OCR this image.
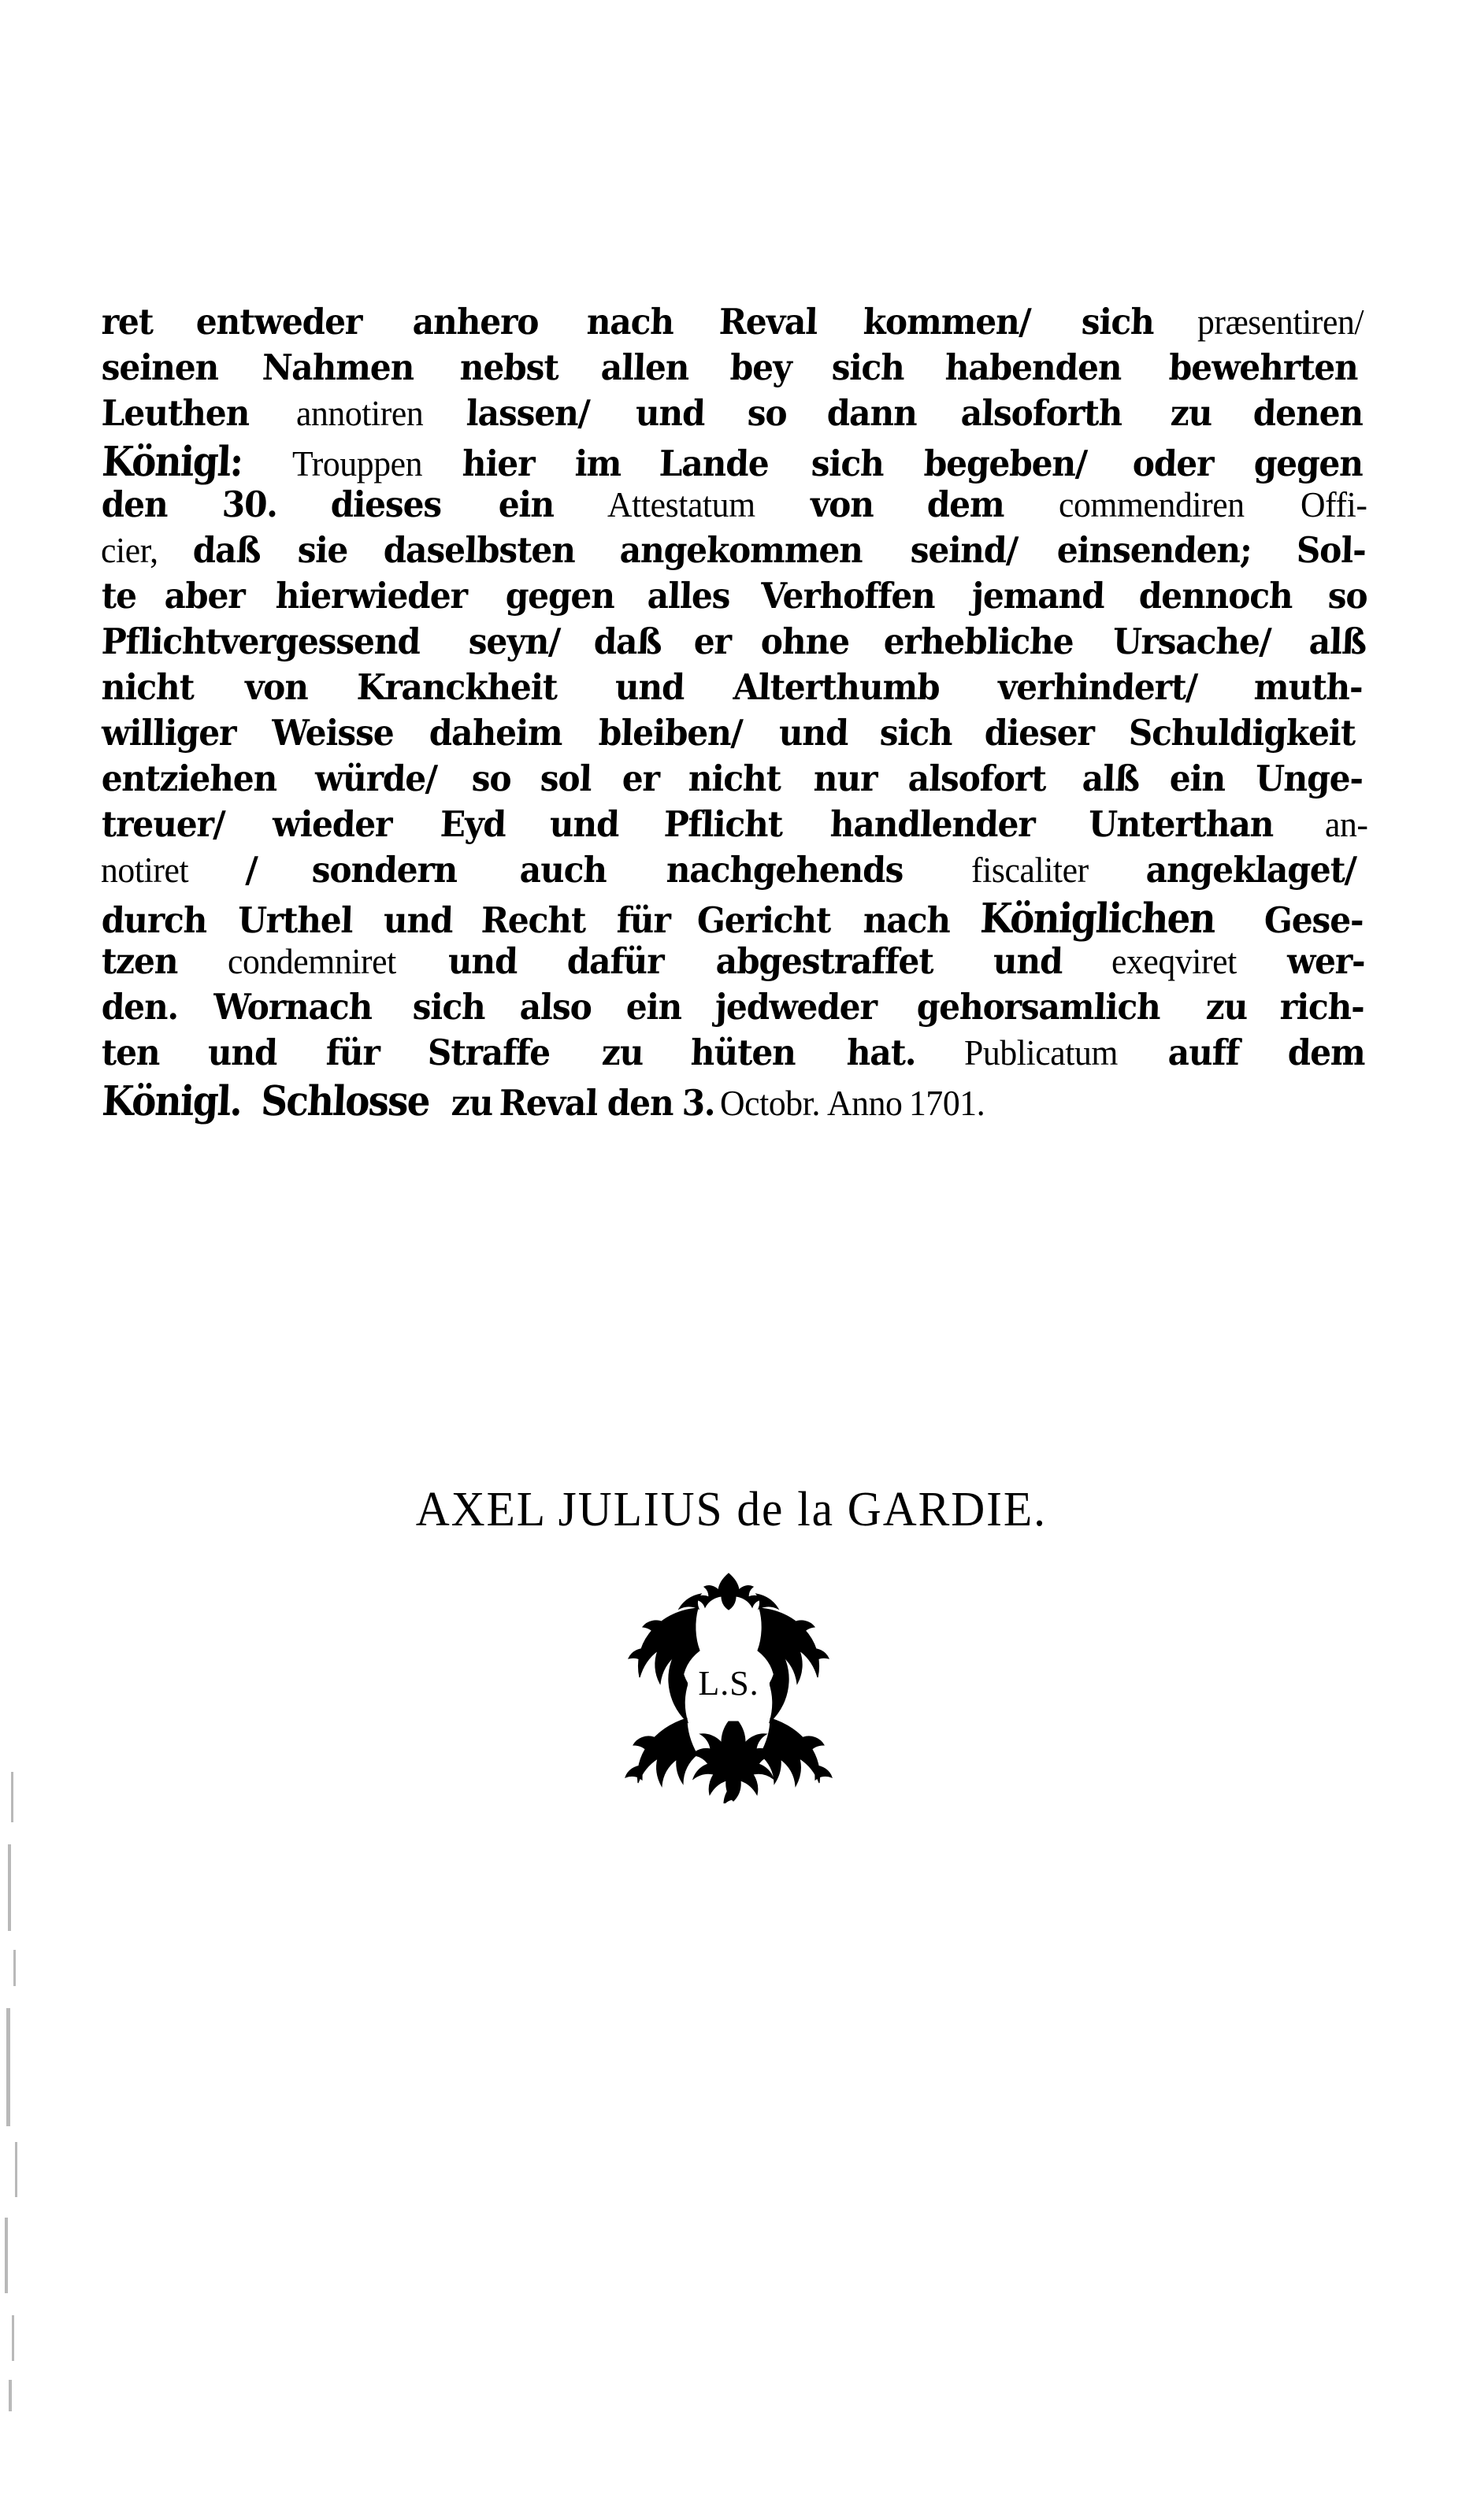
ret entweder anhero nach Reval kommen/ sich præsentiren/
seinen Nahmen nebst allen bey sich habenden bewehrten
Leuthen annotiren lassen/ und so dann alsoforth zu denen
Königl: Trouppen hier im Lande sich begeben/ oder gegen
den 30. dieses ein Attestatum von dem commendiren Offi-
cier, daß sie daselbsten angekommen seind/ einsenden; Sol-
te aber hierwieder gegen alles Verhoffen jemand dennoch so
Pflichtvergessend seyn/ daß er ohne erhebliche Ursache/ alß
nicht von Kranckheit und Alterthumb verhindert/ muth-
williger Weisse daheim bleiben/ und sich dieser Schuldigkeit
entziehen würde/ so sol er nicht nur alsofort alß ein Unge-
treuer/ wieder Eyd und Pflicht handlender Unterthan an-
notiret / sondern auch nachgehends fiscaliter angeklaget/
durch Urthel und Recht für Gericht nach Königlichen Gese-
tzen condemniret und dafür abgestraffet und exeqviret wer-
den. Wornach sich also ein jedweder gehorsamlich zu rich-
ten und für Straffe zu hüten hat. Publicatum auff dem
Königl.
Schlosse
zu
Reval
den
3.
Octobr.
Anno
1701.
AXEL JULIUS de la GARDIE.
L.S.
